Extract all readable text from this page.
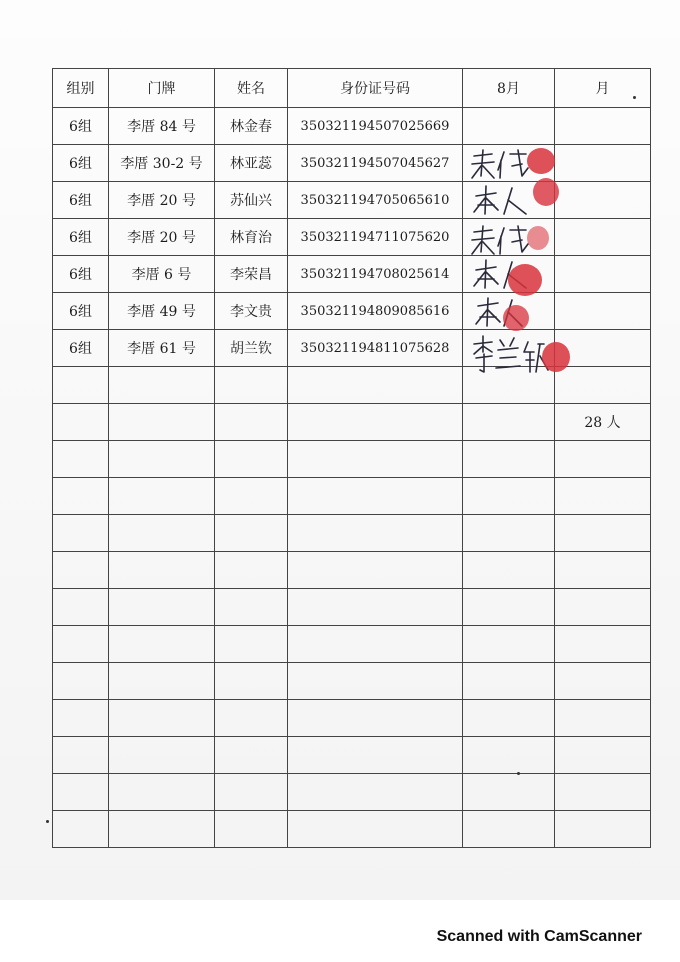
组别	门牌	姓名	身份证号码	8月	月
6组	李厝 84 号	林金春	350321194507025669		
6组	李厝 30-2 号	林亚蕊	350321194507045627		
6组	李厝 20 号	苏仙兴	350321194705065610		
6组	李厝 20 号	林育治	350321194711075620		
6组	李厝 6 号	李荣昌	350321194708025614		
6组	李厝 49 号	李文贵	350321194809085616		
6组	李厝 61 号	胡兰钦	350321194811075628		

					28 人

Scanned with CamScanner
